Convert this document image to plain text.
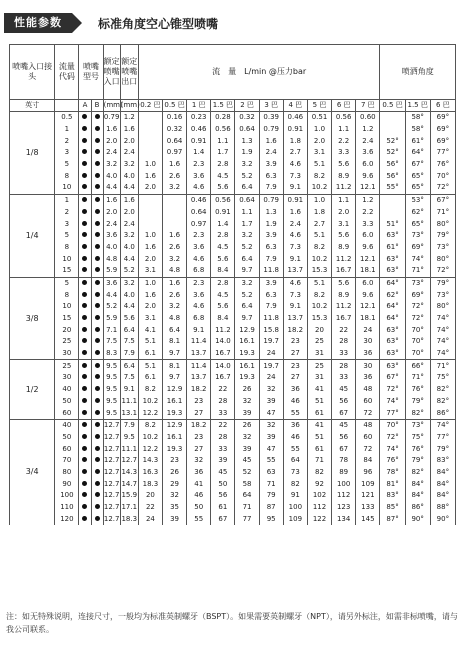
性能参数	标准角度空心锥型喷嘴
喷嘴入口接头	流量代码	喷嘴型号		额定喷嘴入口	额定喷嘴出口	流　量　L/min @压力bar										喷洒角度		
英寸		A	B	(mm)	(mm)	0.2 巴	0.5 巴	1 巴	1.5 巴	2 巴	3 巴	4 巴	5 巴	6 巴	7 巴	0.5 巴	1.5 巴	6 巴
1/8	0.5			0.79	1.2		0.16	0.23	0.28	0.32	0.39	0.46	0.51	0.56	0.60		58°	69°
	1			1.6	1.6		0.32	0.46	0.56	0.64	0.79	0.91	1.0	1.1	1.2		58°	69°
	2			2.0	2.0		0.64	0.91	1.1	1.3	1.6	1.8	2.0	2.2	2.4	52°	61°	69°
	3			2.4	2.4		0.97	1.4	1.7	1.9	2.4	2.7	3.1	3.3	3.6	52°	64°	77°
	5			3.2	3.2	1.0	1.6	2.3	2.8	3.2	3.9	4.6	5.1	5.6	6.0	56°	67°	76°
	8			4.0	4.0	1.6	2.6	3.6	4.5	5.2	6.3	7.3	8.2	8.9	9.6	56°	65°	70°
	10			4.4	4.4	2.0	3.2	4.6	5.6	6.4	7.9	9.1	10.2	11.2	12.1	55°	65°	72°
1/4	1			1.6	1.6			0.46	0.56	0.64	0.79	0.91	1.0	1.1	1.2		53°	67°
	2			2.0	2.0			0.64	0.91	1.1	1.3	1.6	1.8	2.0	2.2		62°	71°
	3			2.4	2.4			0.97	1.4	1.7	1.9	2.4	2.7	3.1	3.3	51°	65°	80°
	5			3.6	3.2	1.0	1.6	2.3	2.8	3.2	3.9	4.6	5.1	5.6	6.0	63°	73°	79°
	8			4.0	4.0	1.6	2.6	3.6	4.5	5.2	6.3	7.3	8.2	8.9	9.6	61°	69°	73°
	10			4.8	4.4	2.0	3.2	4.6	5.6	6.4	7.9	9.1	10.2	11.2	12.1	63°	74°	80°
	15			5.9	5.2	3.1	4.8	6.8	8.4	9.7	11.8	13.7	15.3	16.7	18.1	63°	71°	72°
3/8	5			3.6	3.2	1.0	1.6	2.3	2.8	3.2	3.9	4.6	5.1	5.6	6.0	64°	73°	79°
	8			4.4	4.0	1.6	2.6	3.6	4.5	5.2	6.3	7.3	8.2	8.9	9.6	62°	69°	73°
	10			5.2	4.4	2.0	3.2	4.6	5.6	6.4	7.9	9.1	10.2	11.2	12.1	64°	72°	80°
	15			5.9	5.6	3.1	4.8	6.8	8.4	9.7	11.8	13.7	15.3	16.7	18.1	64°	72°	74°
	20			7.1	6.4	4.1	6.4	9.1	11.2	12.9	15.8	18.2	20	22	24	63°	70°	74°
	25			7.5	7.5	5.1	8.1	11.4	14.0	16.1	19.7	23	25	28	30	63°	70°	74°
	30			8.3	7.9	6.1	9.7	13.7	16.7	19.3	24	27	31	33	36	63°	70°	74°
1/2	25			9.5	6.4	5.1	8.1	11.4	14.0	16.1	19.7	23	25	28	30	63°	66°	71°
	30			9.5	7.5	6.1	9.7	13.7	16.7	19.3	24	27	31	33	36	67°	71°	75°
	40			9.5	9.1	8.2	12.9	18.2	22	26	32	36	41	45	48	72°	76°	82°
	50			9.5	11.1	10.2	16.1	23	28	32	39	46	51	56	60	74°	79°	82°
	60			9.5	13.1	12.2	19.3	27	33	39	47	55	61	67	72	77°	82°	86°
3/4	40			12.7	7.9	8.2	12.9	18.2	22	26	32	36	41	45	48	70°	73°	74°
	50			12.7	9.5	10.2	16.1	23	28	32	39	46	51	56	60	72°	75°	77°
	60			12.7	11.1	12.2	19.3	27	33	39	47	55	61	67	72	74°	76°	79°
	70			12.7	12.7	14.3	23	32	39	45	55	64	71	78	84	76°	79°	83°
	80			12.7	14.3	16.3	26	36	45	52	63	73	82	89	96	78°	82°	84°
	90			12.7	14.7	18.3	29	41	50	58	71	82	92	100	109	81°	84°	84°
	100			12.7	15.9	20	32	46	56	64	79	91	102	112	121	83°	84°	84°
	110			12.7	17.1	22	35	50	61	71	87	100	112	123	133	85°	86°	88°
	120			12.7	18.3	24	39	55	67	77	95	109	122	134	145	87°	90°	90°
注：如无特殊说明，连接尺寸，一般均为标准英制螺牙（BSPT）。如果需要英制螺牙（NPT），请另外标注，如需非标喷嘴，请与我公司联系。
